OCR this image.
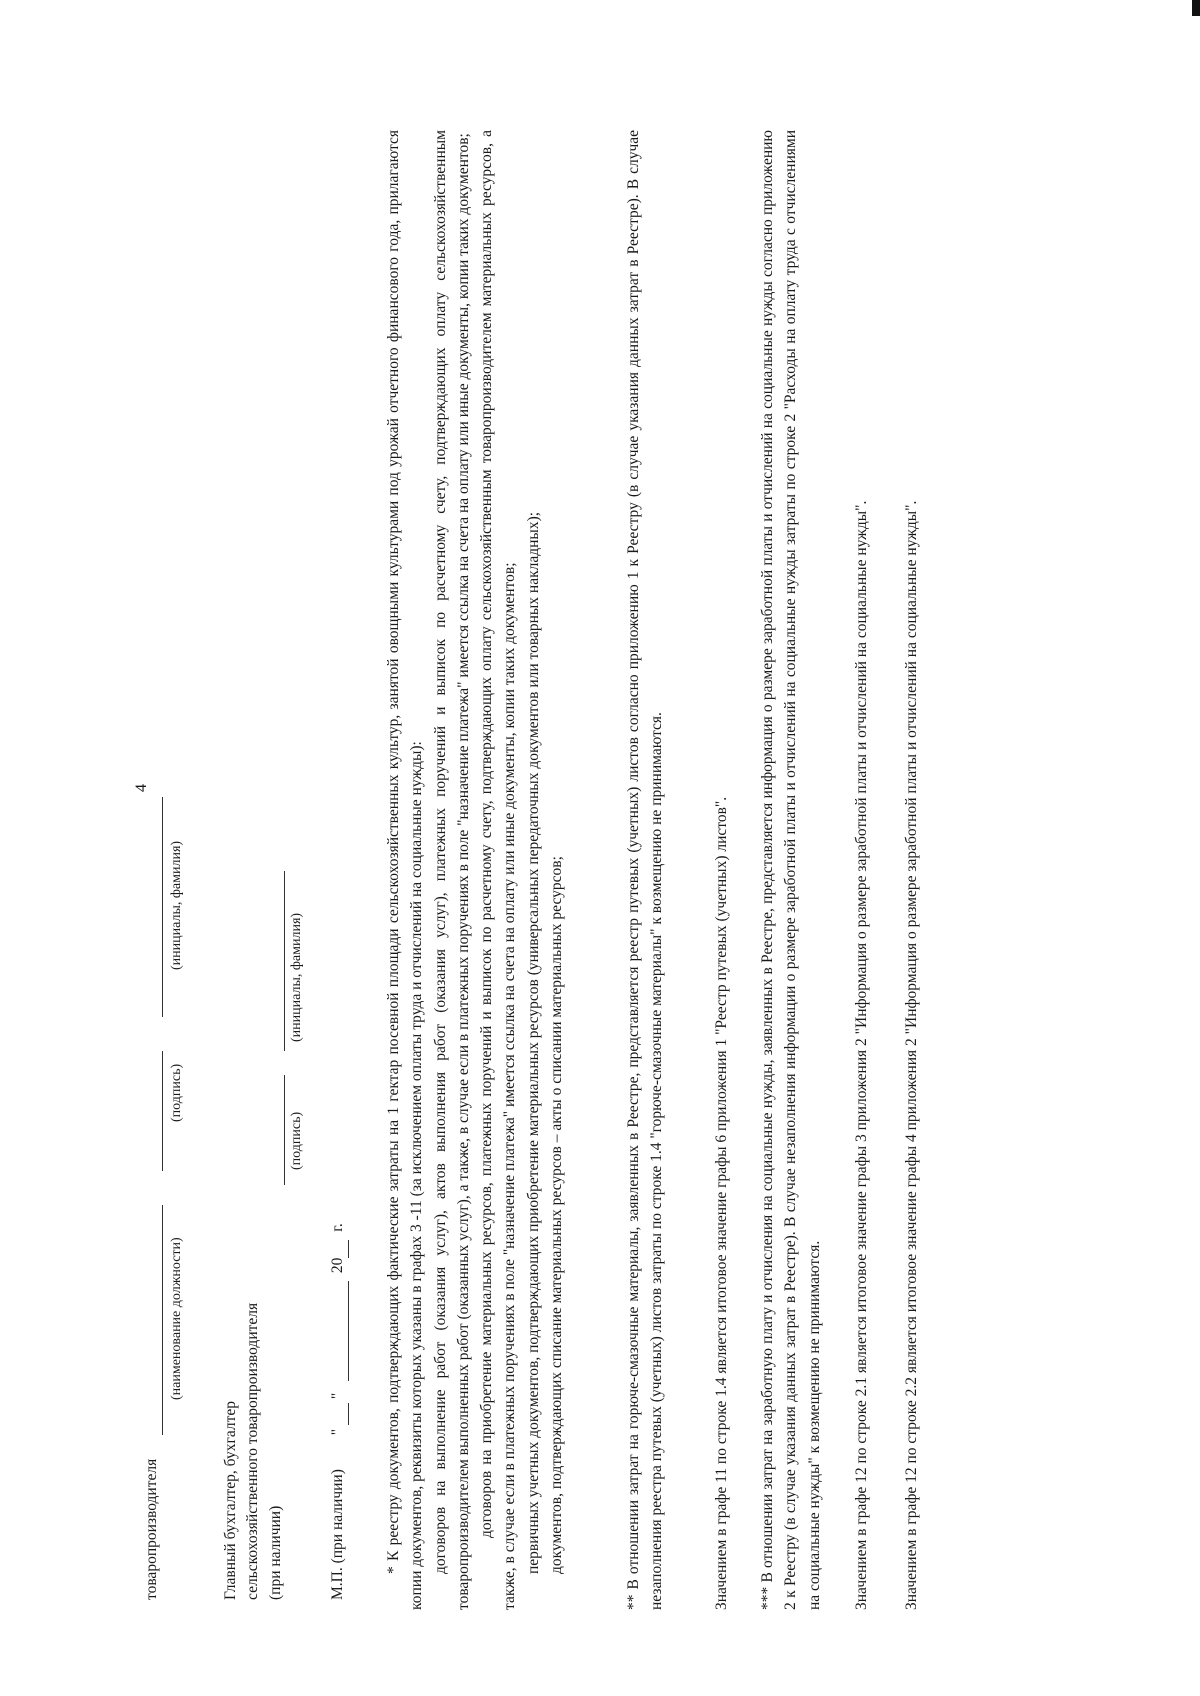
4
товаропроизводителя
(наименование должности)
(подпись)
(инициалы, фамилия)
Главный бухгалтер, бухгалтер сельскохозяйственного товаропроизводителя (при наличии)

(подпись)
(инициалы, фамилия)
М.П. (при наличии) "  "  20 г.	* К реестру документов, подтверждающих фактические затраты на 1 гектар посевной площади сельскохозяйственных культур, занятой овощными культурами под урожай отчетного финансового года, прилагаются копии документов, реквизиты которых указаны в графах 3 -11 (за исключением оплаты труда и отчислений на социальные нужды): договоров на выполнение работ (оказания услуг), актов выполнения работ (оказания услуг), платежных поручений и выписок по расчетному счету, подтверждающих оплату сельскохозяйственным товаропроизводителем выполненных работ (оказанных услуг), а также, в случае если в платежных поручениях в поле "назначение платежа" имеется ссылка на счета на оплату или иные документы, копии таких документов; договоров на приобретение материальных ресурсов, платежных поручений и выписок по расчетному счету, подтверждающих оплату сельскохозяйственным товаропроизводителем материальных ресурсов, а также, в случае если в платежных поручениях в поле "назначение платежа" имеется ссылка на счета на оплату или иные документы, копии таких документов; первичных учетных документов, подтверждающих приобретение материальных ресурсов (универсальных передаточных документов или товарных накладных); документов, подтверждающих списание материальных ресурсов – акты о списании материальных ресурсов;	** В отношении затрат на горюче-смазочные материалы, заявленных в Реестре, представляется реестр путевых (учетных) листов согласно приложению 1 к Реестру (в случае указания данных затрат в Реестре). В случае незаполнения реестра путевых (учетных) листов затраты по строке 1.4 "горюче-смазочные материалы" к возмещению не принимаются.	Значением в графе 11 по строке 1.4 является итоговое значение графы 6 приложения 1 "Реестр путевых (учетных) листов". *** В отношении затрат на заработную плату и отчисления на социальные нужды, заявленных в Реестре, представляется информация о размере заработной платы и отчислений на социальные нужды согласно приложению 2 к Реестру (в случае указания данных затрат в Реестре). В случае незаполнения информации о размере заработной платы и отчислений на социальные нужды затраты по строке 2 "Расходы на оплату труда с отчислениями на социальные нужды" к возмещению не принимаются. Значением в графе 12 по строке 2.1 является итоговое значение графы 3 приложения 2 "Информация о размере заработной платы и отчислений на социальные нужды". Значением в графе 12 по строке 2.2 является итоговое значение графы 4 приложения 2 "Информация о размере заработной платы и отчислений на социальные нужды".
